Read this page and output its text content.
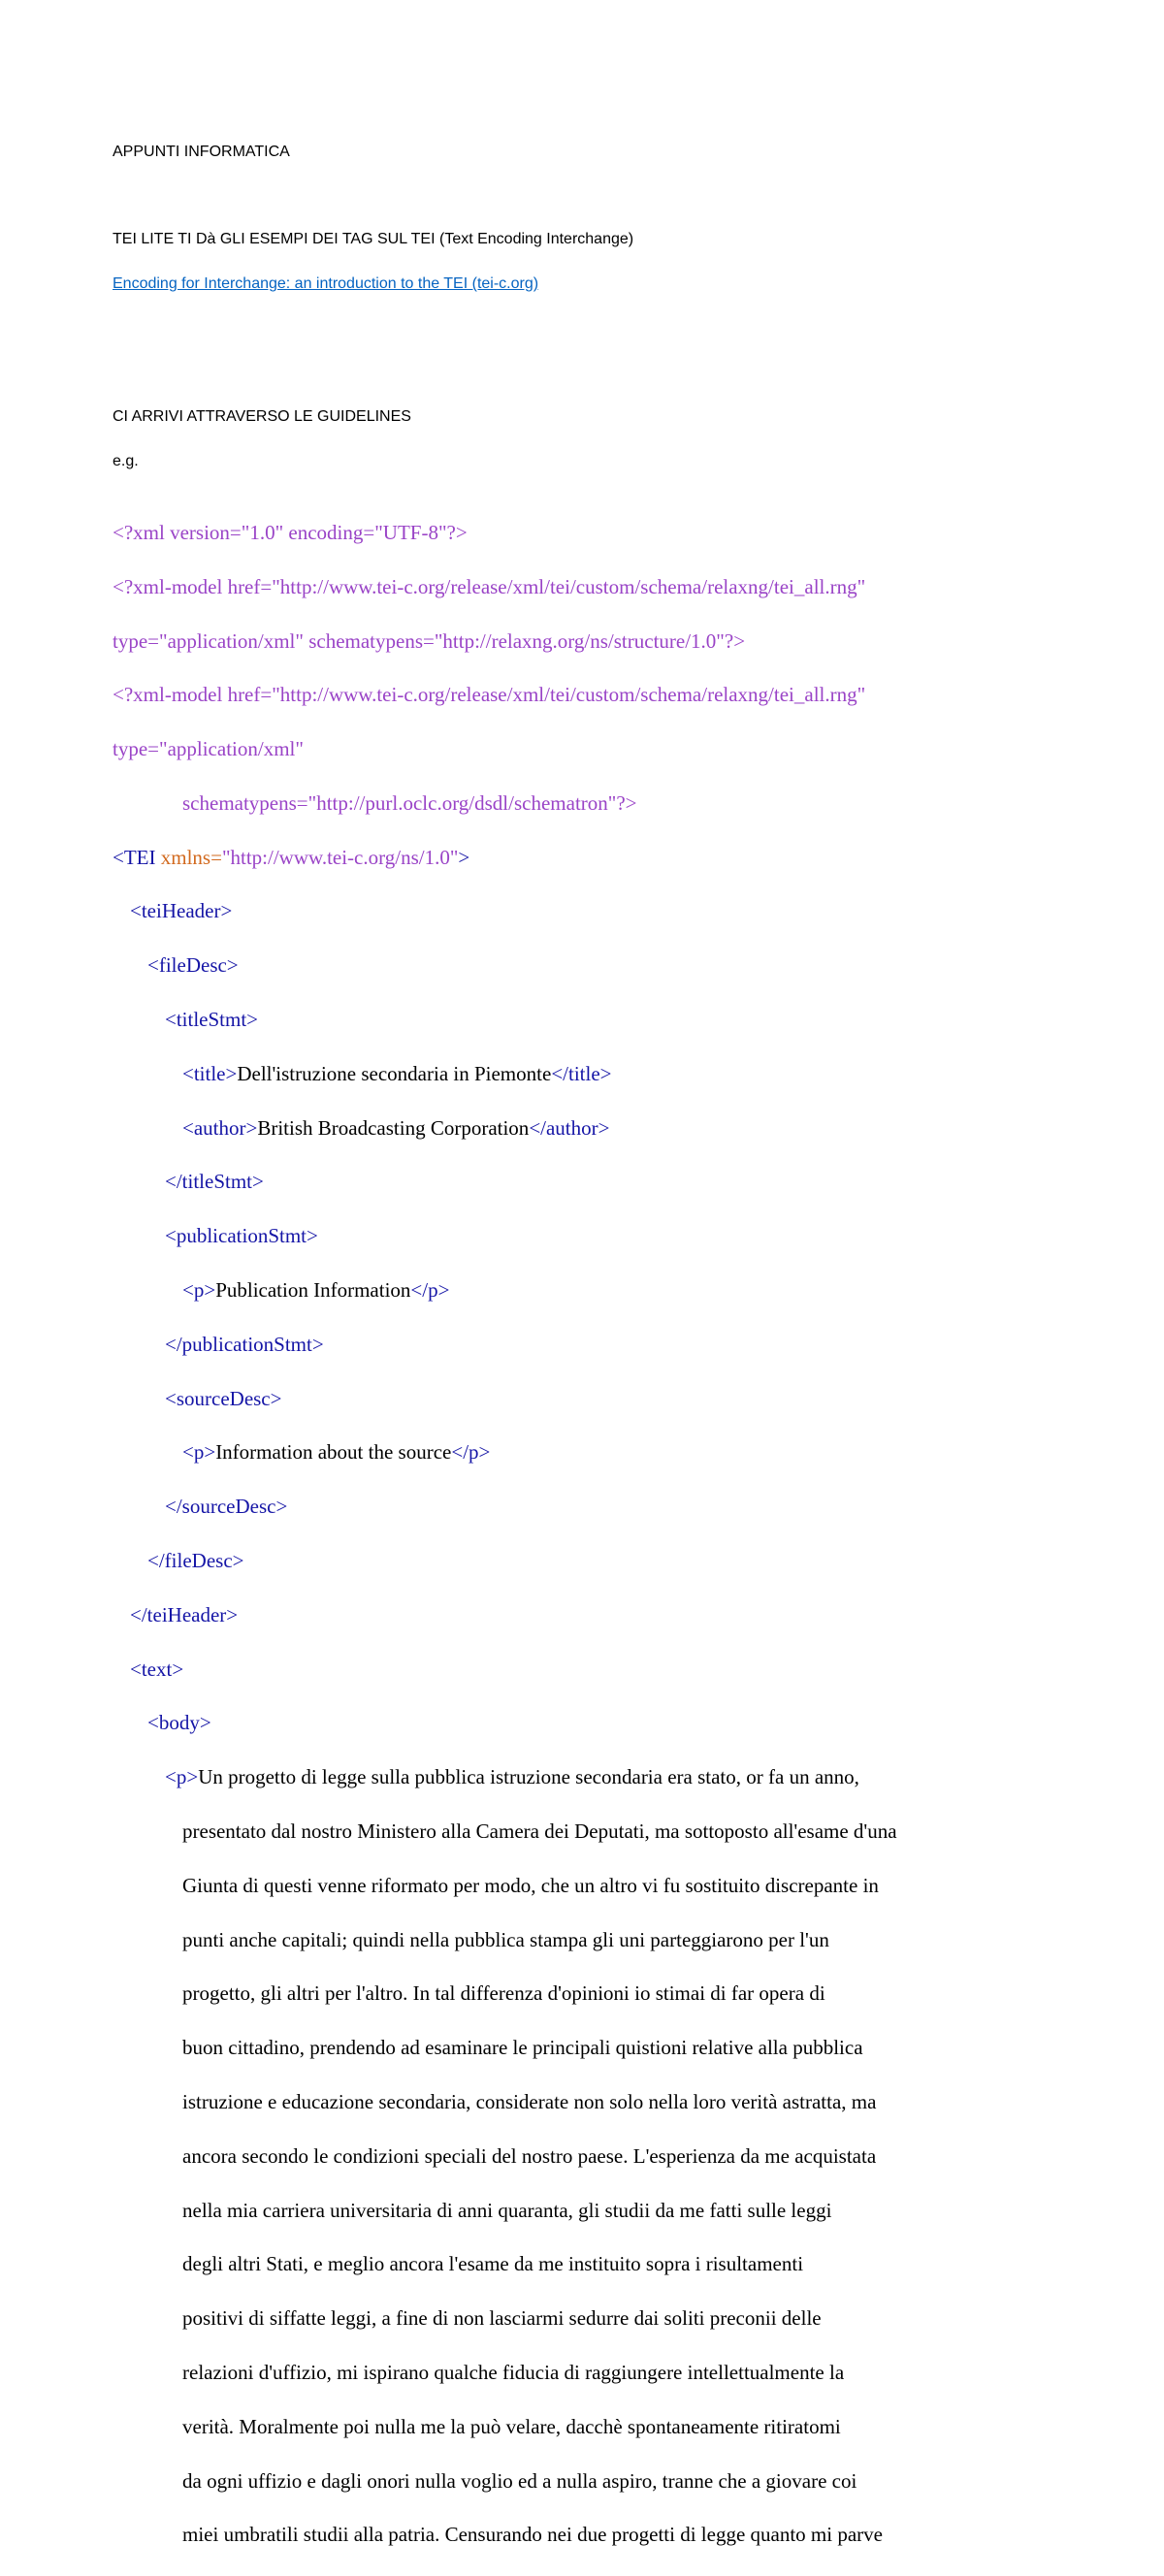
APPUNTI INFORMATICA
TEI LITE TI Dà GLI ESEMPI DEI TAG SUL TEI (Text Encoding Interchange)
Encoding for Interchange: an introduction to the TEI (tei-c.org)
CI ARRIVI ATTRAVERSO LE GUIDELINES
e.g.

<?xml version="1.0" encoding="UTF-8"?>

<?xml-model href="http://www.tei-c.org/release/xml/tei/custom/schema/relaxng/tei_all.rng"

type="application/xml" schematypens="http://relaxng.org/ns/structure/1.0"?>

<?xml-model href="http://www.tei-c.org/release/xml/tei/custom/schema/relaxng/tei_all.rng"

type="application/xml"

schematypens="http://purl.oclc.org/dsdl/schematron"?>

<TEI xmlns="http://www.tei-c.org/ns/1.0">

<teiHeader>

<fileDesc>

<titleStmt>

<title>Dell'istruzione secondaria in Piemonte</title>

<author>British Broadcasting Corporation</author>

</titleStmt>

<publicationStmt>

<p>Publication Information</p>

</publicationStmt>

<sourceDesc>

<p>Information about the source</p>

</sourceDesc>

</fileDesc>

</teiHeader>

<text>

<body>

<p>Un progetto di legge sulla pubblica istruzione secondaria era stato, or fa un anno,

presentato dal nostro Ministero alla Camera dei Deputati, ma sottoposto all'esame d'una

Giunta di questi venne riformato per modo, che un altro vi fu sostituito discrepante in

punti anche capitali; quindi nella pubblica stampa gli uni parteggiarono per l'un

progetto, gli altri per l'altro. In tal differenza d'opinioni io stimai di far opera di

buon cittadino, prendendo ad esaminare le principali quistioni relative alla pubblica

istruzione e educazione secondaria, considerate non solo nella loro verità astratta, ma

ancora secondo le condizioni speciali del nostro paese. L'esperienza da me acquistata

nella mia carriera universitaria di anni quaranta, gli studii da me fatti sulle leggi

degli altri Stati, e meglio ancora l'esame da me instituito sopra i risultamenti

positivi di siffatte leggi, a fine di non lasciarmi sedurre dai soliti preconii delle

relazioni d'uffizio, mi ispirano qualche fiducia di raggiungere intellettualmente la

verità. Moralmente poi nulla me la può velare, dacchè spontaneamente ritiratomi

da ogni uffizio e dagli onori nulla voglio ed a nulla aspiro, tranne che a giovare coi

miei umbratili studii alla patria. Censurando nei due progetti di legge quanto mi parve
